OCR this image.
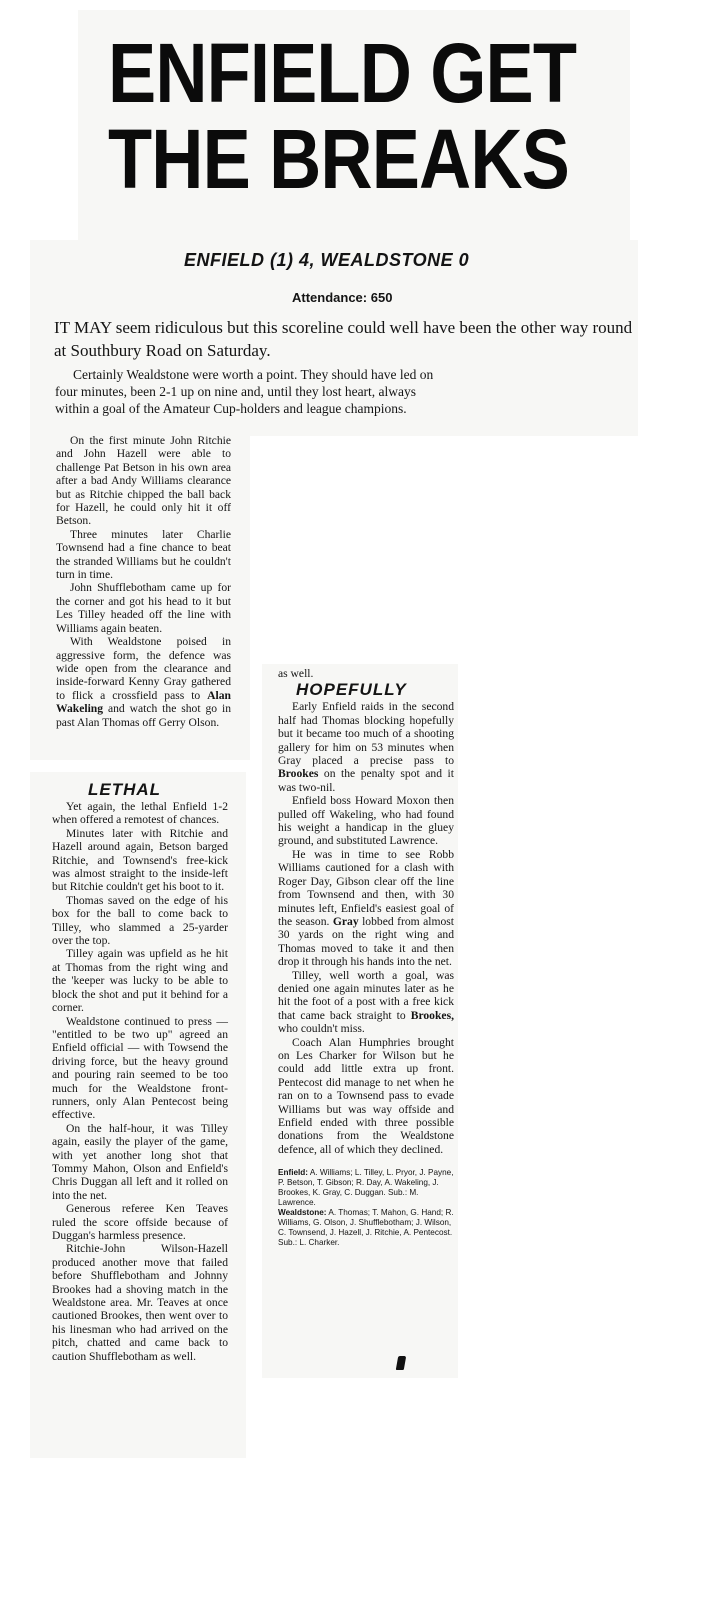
ENFIELD GET
THE BREAKS
ENFIELD (1) 4, WEALDSTONE 0

Attendance: 650

IT MAY seem ridiculous but this scoreline could well have been the other way round at Southbury Road on Saturday.

Certainly Wealdstone were worth a point. They should have led on four minutes, been 2-1 up on nine and, until they lost heart, always within a goal of the Amateur Cup-holders and league champions.

On the first minute John Ritchie and John Hazell were able to challenge Pat Betson in his own area after a bad Andy Williams clearance but as Ritchie chipped the ball back for Hazell, he could only hit it off Betson.

Three minutes later Charlie Townsend had a fine chance to beat the stranded Williams but he couldn't turn in time.

John Shufflebotham came up for the corner and got his head to it but Les Tilley headed off the line with Williams again beaten.

With Wealdstone poised in aggressive form, the defence was wide open from the clearance and inside-forward Kenny Gray gathered to flick a crossfield pass to Alan Wakeling and watch the shot go in past Alan Thomas off Gerry Olson.

LETHAL

Yet again, the lethal Enfield 1-2 when offered a remotest of chances.

Minutes later with Ritchie and Hazell around again, Betson barged Ritchie, and Townsend's free-kick was almost straight to the inside-left but Ritchie couldn't get his boot to it.

Thomas saved on the edge of his box for the ball to come back to Tilley, who slammed a 25-yarder over the top.

Tilley again was upfield as he hit at Thomas from the right wing and the 'keeper was lucky to be able to block the shot and put it behind for a corner.

Wealdstone continued to press — "entitled to be two up" agreed an Enfield official — with Towsend the driving force, but the heavy ground and pouring rain seemed to be too much for the Wealdstone front-runners, only Alan Pentecost being effective.

On the half-hour, it was Tilley again, easily the player of the game, with yet another long shot that Tommy Mahon, Olson and Enfield's Chris Duggan all left and it rolled on into the net.

Generous referee Ken Teaves ruled the score offside because of Duggan's harmless presence.

Ritchie-John Wilson-Hazell produced another move that failed before Shufflebotham and Johnny Brookes had a shoving match in the Wealdstone area. Mr. Teaves at once cautioned Brookes, then went over to his linesman who had arrived on the pitch, chatted and came back to caution Shufflebotham as well.

as well.

HOPEFULLY

Early Enfield raids in the second half had Thomas blocking hopefully but it became too much of a shooting gallery for him on 53 minutes when Gray placed a precise pass to Brookes on the penalty spot and it was two-nil.

Enfield boss Howard Moxon then pulled off Wakeling, who had found his weight a handicap in the gluey ground, and substituted Lawrence.

He was in time to see Robb Williams cautioned for a clash with Roger Day, Gibson clear off the line from Townsend and then, with 30 minutes left, Enfield's easiest goal of the season. Gray lobbed from almost 30 yards on the right wing and Thomas moved to take it and then drop it through his hands into the net.

Tilley, well worth a goal, was denied one again minutes later as he hit the foot of a post with a free kick that came back straight to Brookes, who couldn't miss.

Coach Alan Humphries brought on Les Charker for Wilson but he could add little extra up front. Pentecost did manage to net when he ran on to a Townsend pass to evade Williams but was way offside and Enfield ended with three possible donations from the Wealdstone defence, all of which they declined.

Enfield: A. Williams; L. Tilley, L. Pryor, J. Payne, P. Betson, T. Gibson; R. Day, A. Wakeling, J. Brookes, K. Gray, C. Duggan. Sub.: M. Lawrence.

Wealdstone: A. Thomas; T. Mahon, G. Hand; R. Williams, G. Olson, J. Shufflebotham; J. Wilson, C. Townsend, J. Hazell, J. Ritchie, A. Pentecost. Sub.: L. Charker.
